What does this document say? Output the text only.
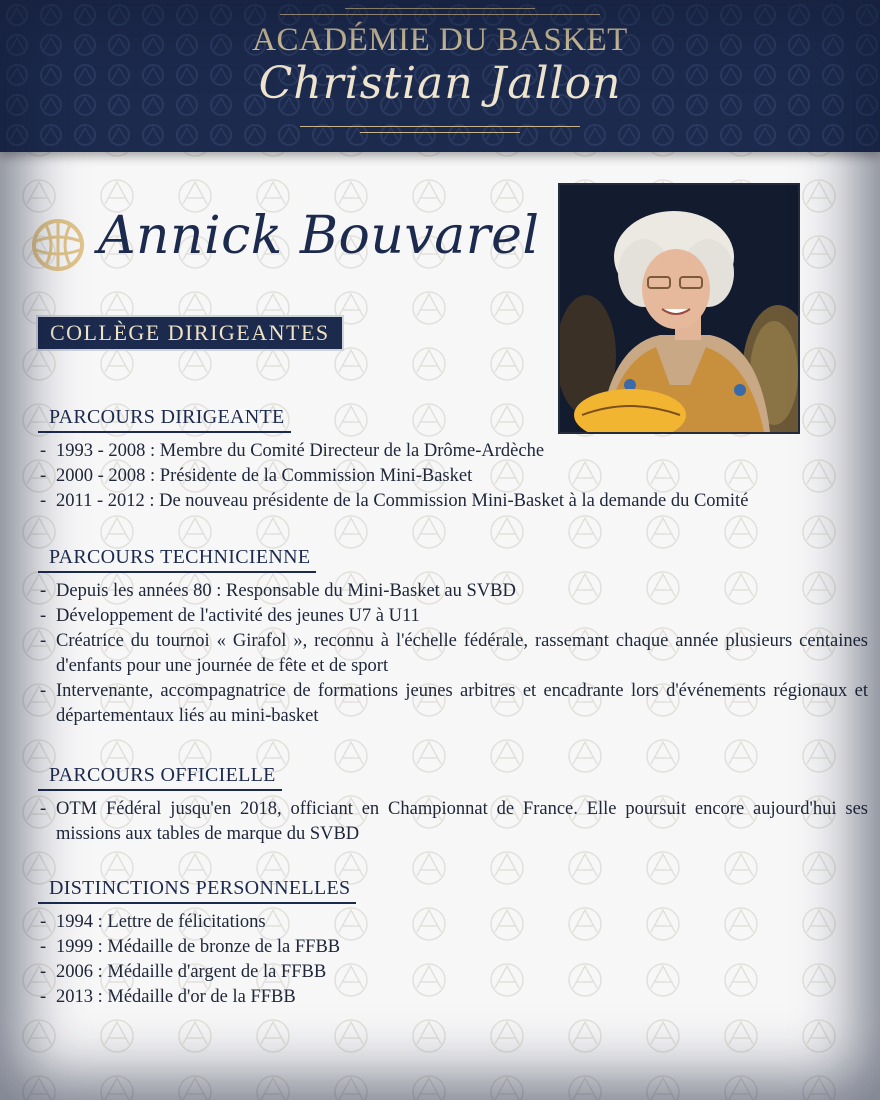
ACADÉMIE DU BASKET
Christian Jallon
Annick Bouvarel
COLLÈGE DIRIGEANTES
PARCOURS DIRIGEANTE
- 1993 - 2008 : Membre du Comité Directeur de la Drôme-Ardèche
- 2000 - 2008 : Présidente de la Commission Mini-Basket
- 2011 - 2012 : De nouveau présidente de la Commission Mini-Basket à la demande du Comité
PARCOURS TECHNICIENNE
- Depuis les années 80 : Responsable du Mini-Basket au SVBD
- Développement de l'activité des jeunes U7 à U11
- Créatrice du tournoi « Girafol », reconnu à l'échelle fédérale, rassemant chaque année plusieurs centaines d'enfants pour une journée de fête et de sport
- Intervenante, accompagnatrice de formations jeunes arbitres et encadrante lors d'événements régionaux et départementaux liés au mini-basket
PARCOURS OFFICIELLE
- OTM Fédéral jusqu'en 2018, officiant en Championnat de France. Elle poursuit encore aujourd'hui ses missions aux tables de marque du SVBD
DISTINCTIONS PERSONNELLES
- 1994 : Lettre de félicitations
- 1999 : Médaille de bronze de la FFBB
- 2006 : Médaille d'argent de la FFBB
- 2013 : Médaille d'or de la FFBB
